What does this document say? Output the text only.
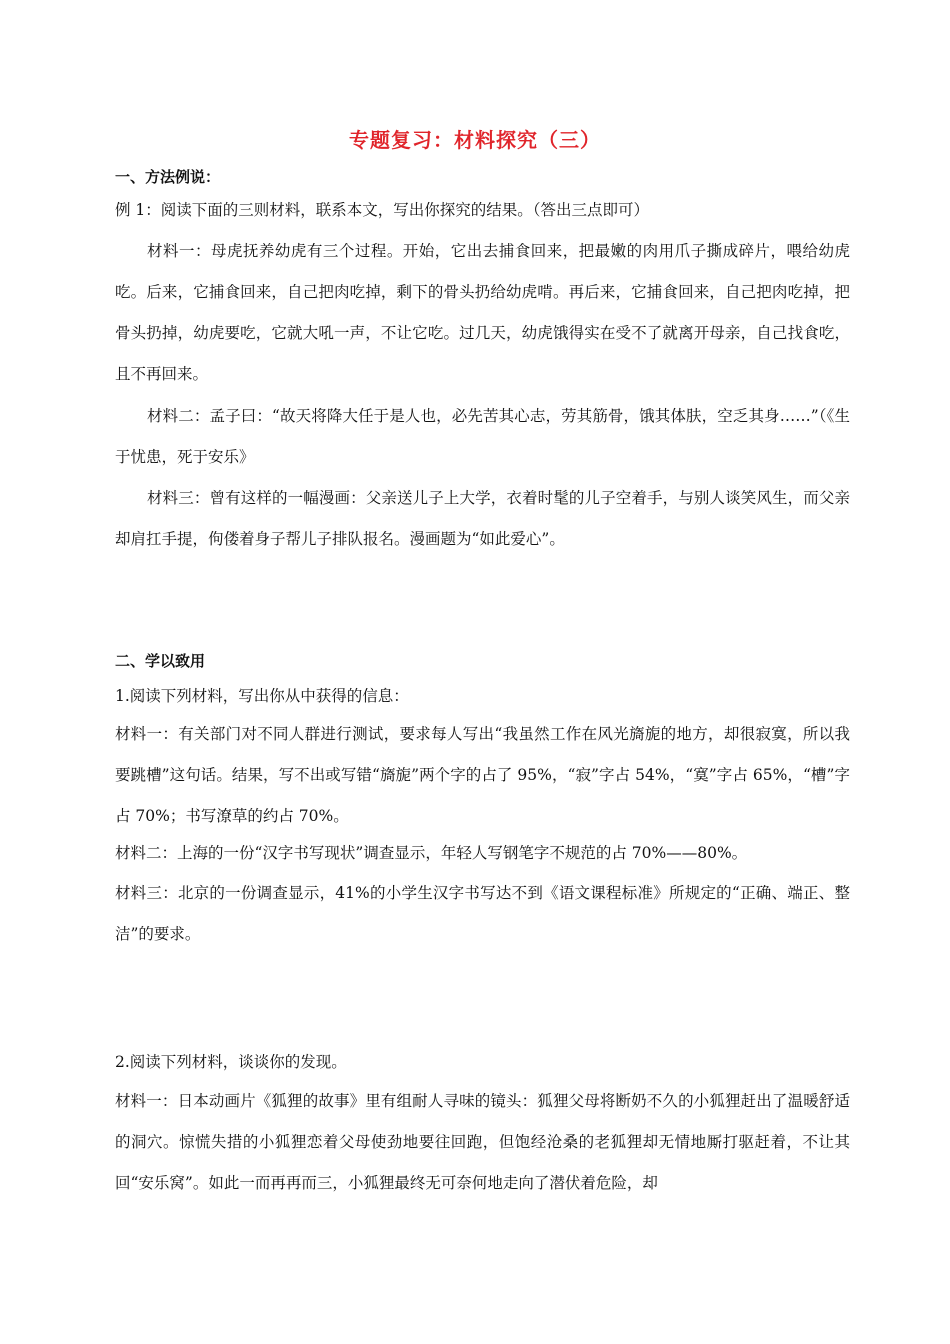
专题复习：材料探究（三）
一、方法例说：

例 1：阅读下面的三则材料，联系本文，写出你探究的结果。（答出三点即可）

材料一：母虎抚养幼虎有三个过程。开始，它出去捕食回来，把最嫩的肉用爪子撕成碎片，喂给幼虎吃。后来，它捕食回来，自己把肉吃掉，剩下的骨头扔给幼虎啃。再后来，它捕食回来，自己把肉吃掉，把骨头扔掉，幼虎要吃，它就大吼一声，不让它吃。过几天，幼虎饿得实在受不了就离开母亲，自己找食吃，且不再回来。

材料二：孟子曰：“故天将降大任于是人也，必先苦其心志，劳其筋骨，饿其体肤，空乏其身……”（《生于忧患，死于安乐》

材料三：曾有这样的一幅漫画：父亲送儿子上大学，衣着时髦的儿子空着手，与别人谈笑风生，而父亲却肩扛手提，佝偻着身子帮儿子排队报名。漫画题为“如此爱心”。

二、学以致用

1.阅读下列材料，写出你从中获得的信息：

材料一：有关部门对不同人群进行测试，要求每人写出“我虽然工作在风光旖旎的地方，却很寂寞，所以我要跳槽”这句话。结果，写不出或写错“旖旎”两个字的占了 95%，“寂”字占 54%，“寞”字占 65%，“槽”字占 70%；书写潦草的约占 70%。

材料二：上海的一份“汉字书写现状”调查显示，年轻人写钢笔字不规范的占 70%——80%。

材料三：北京的一份调查显示，41%的小学生汉字书写达不到《语文课程标准》所规定的“正确、端正、整洁”的要求。

2.阅读下列材料，谈谈你的发现。

材料一：日本动画片《狐狸的故事》里有组耐人寻味的镜头：狐狸父母将断奶不久的小狐狸赶出了温暖舒适的洞穴。惊慌失措的小狐狸恋着父母使劲地要往回跑，但饱经沧桑的老狐狸却无情地厮打驱赶着，不让其回“安乐窝”。如此一而再再而三，小狐狸最终无可奈何地走向了潜伏着危险，却
